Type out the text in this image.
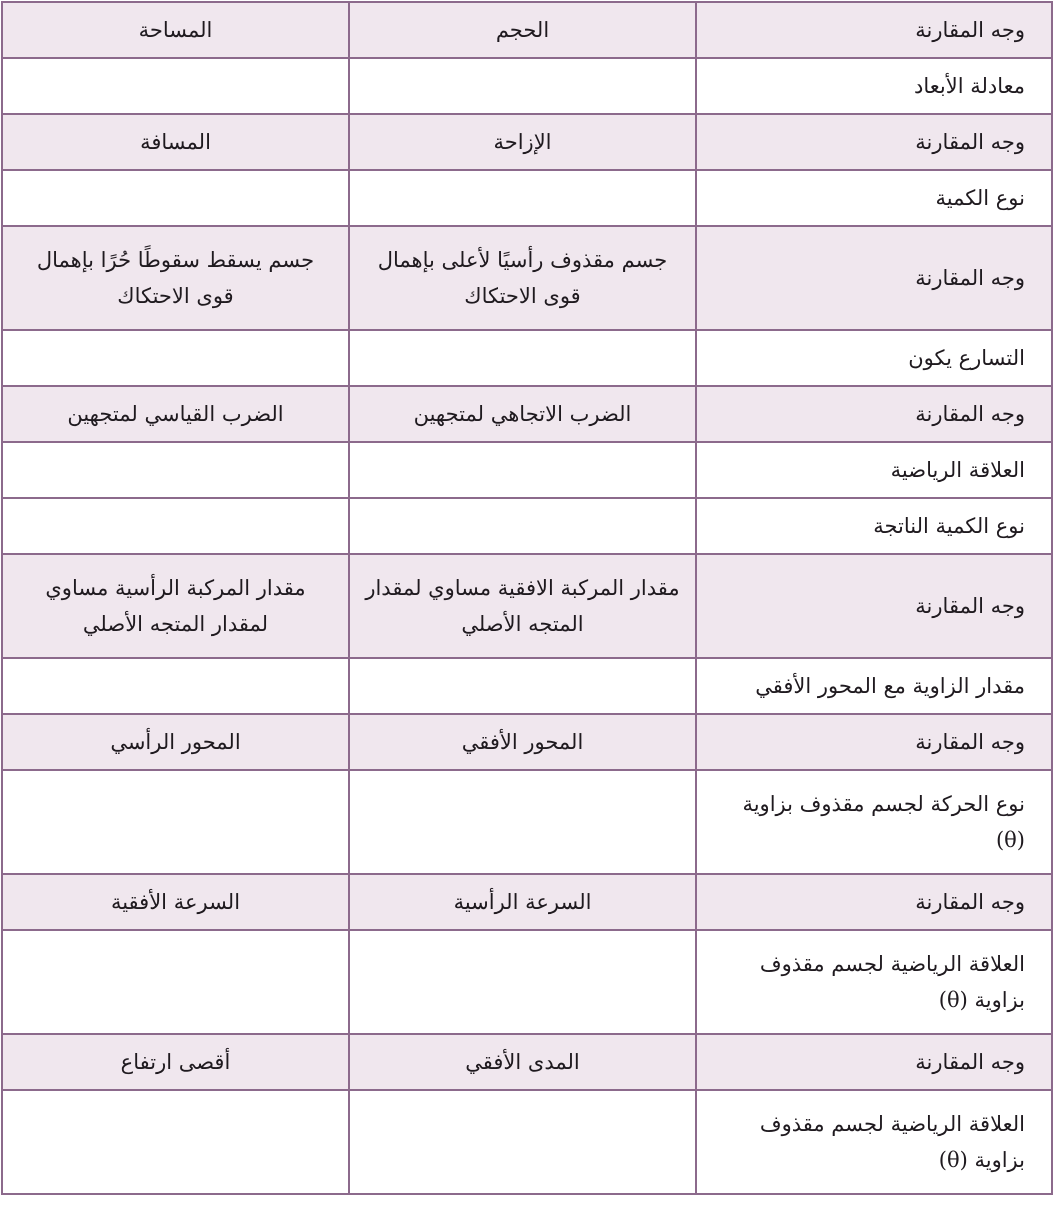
وجه المقارنة	الحجم	المساحة
معادلة الأبعاد		
وجه المقارنة	الإزاحة	المسافة
نوع الكمية		
وجه المقارنة	جسم مقذوف رأسيًا لأعلى بإهمال قوى الاحتكاك	جسم يسقط سقوطًا حُرًا بإهمال قوى الاحتكاك
التسارع يكون		
وجه المقارنة	الضرب الاتجاهي لمتجهين	الضرب القياسي لمتجهين
العلاقة الرياضية		
نوع الكمية الناتجة		
وجه المقارنة	مقدار المركبة الافقية مساوي لمقدار المتجه الأصلي	مقدار المركبة الرأسية مساوي لمقدار المتجه الأصلي
مقدار الزاوية مع المحور الأفقي		
وجه المقارنة	المحور الأفقي	المحور الرأسي
نوع الحركة لجسم مقذوف بزاوية (θ)		
وجه المقارنة	السرعة الرأسية	السرعة الأفقية
العلاقة الرياضية لجسم مقذوف بزاوية (θ)		
وجه المقارنة	المدى الأفقي	أقصى ارتفاع
العلاقة الرياضية لجسم مقذوف بزاوية (θ)		
